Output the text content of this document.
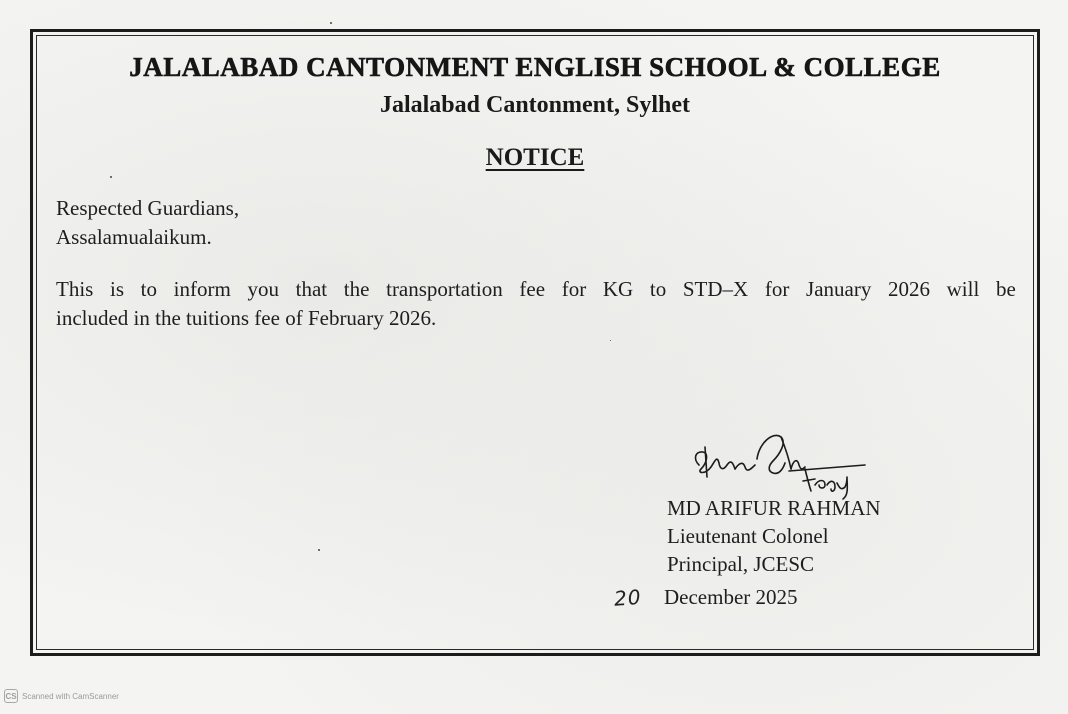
JALALABAD CANTONMENT ENGLISH SCHOOL & COLLEGE
Jalalabad Cantonment, Sylhet
NOTICE
Respected Guardians,
Assalamualaikum.
This is to inform you that the transportation fee for KG to STD–X for January 2026 will be
included in the tuitions fee of February 2026.
MD ARIFUR RAHMAN
Lieutenant Colonel
Principal, JCESC
20 December 2025
CS Scanned with CamScanner
